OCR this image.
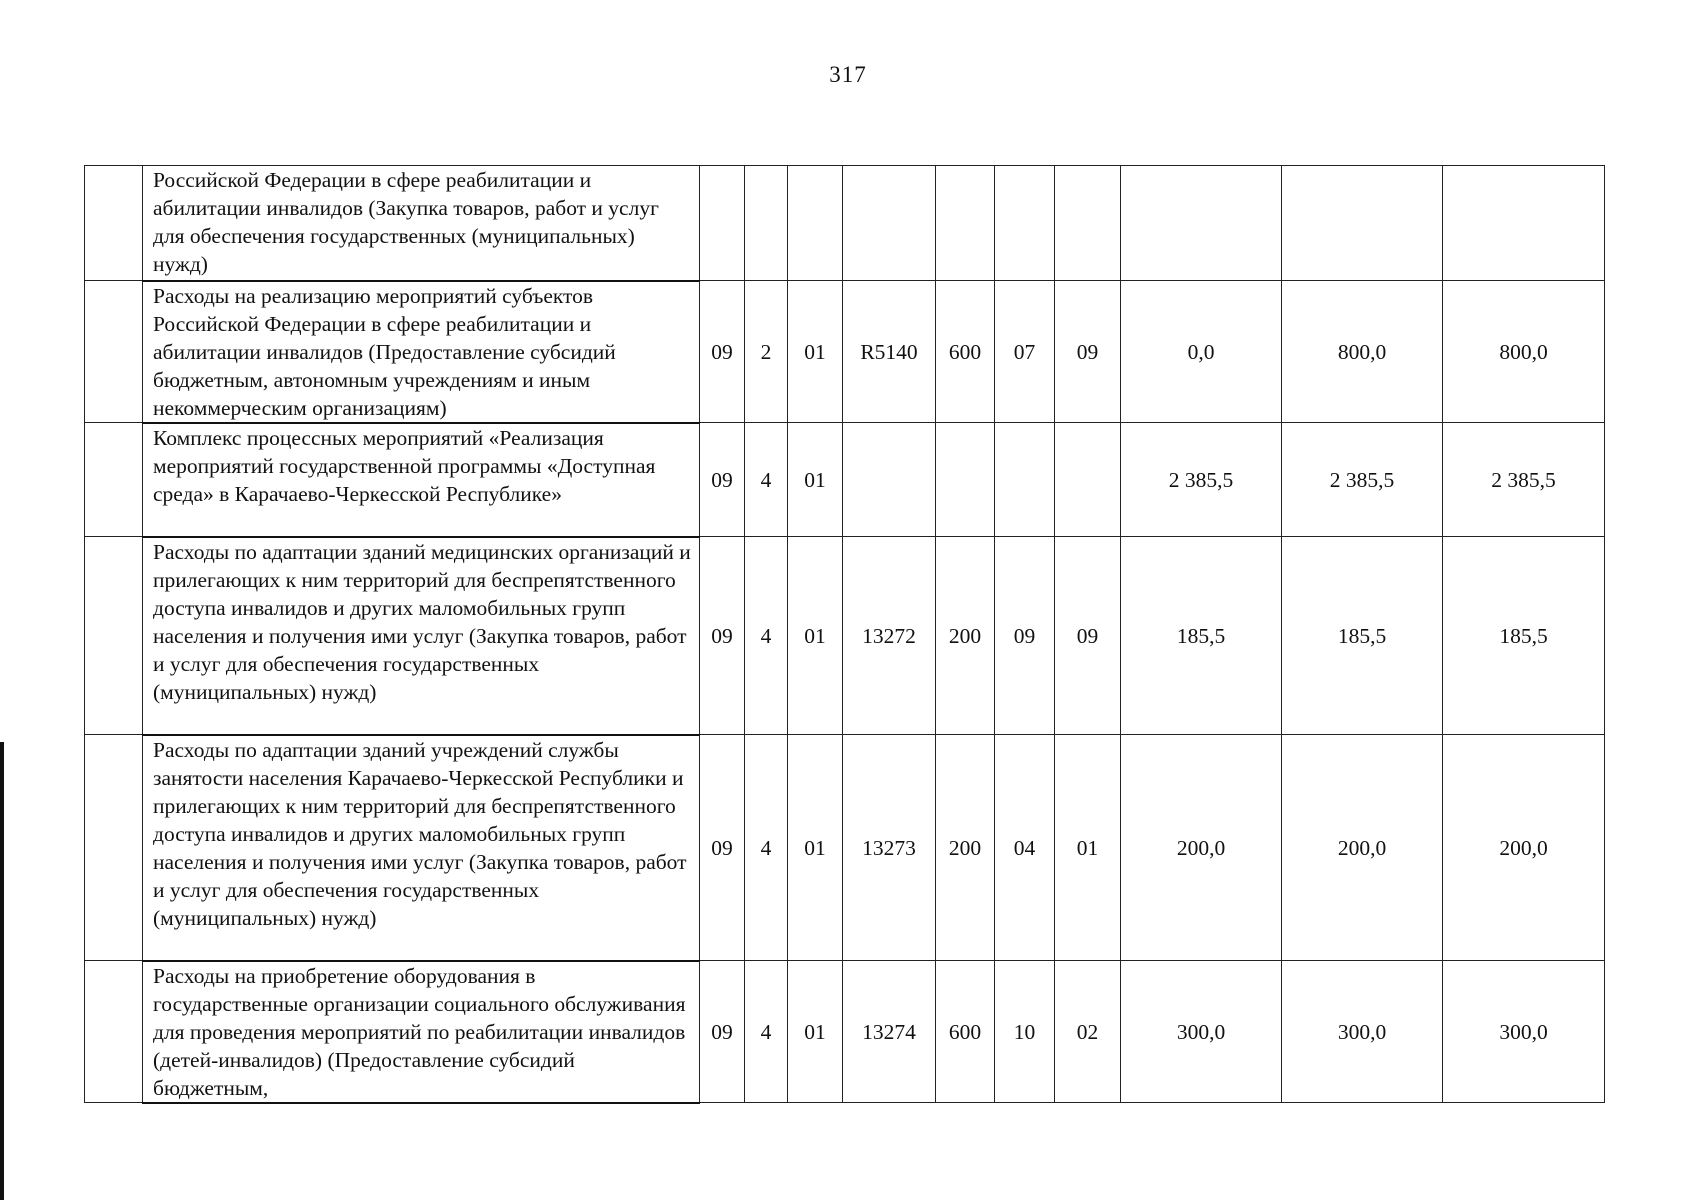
317
	Российской Федерации в сфере реабилитации и абилитации инвалидов (Закупка товаров, работ и услуг для обеспечения государственных (муниципальных) нужд)										
	Расходы на реализацию мероприятий субъектов Российской Федерации в сфере реабилитации и абилитации инвалидов (Предоставление субсидий бюджетным, автономным учреждениям и иным некоммерческим организациям)	09	2	01	R5140	600	07	09	0,0	800,0	800,0
	Комплекс процессных мероприятий «Реализация мероприятий государственной программы «Доступная среда» в Карачаево-Черкесской Республике»	09	4	01					2 385,5	2 385,5	2 385,5
	Расходы по адаптации зданий медицинских организаций и прилегающих к ним территорий для беспрепятственного доступа инвалидов и других маломобильных групп населения и получения ими услуг (Закупка товаров, работ и услуг для обеспечения государственных (муниципальных) нужд)	09	4	01	13272	200	09	09	185,5	185,5	185,5
	Расходы по адаптации зданий учреждений службы занятости населения Карачаево-Черкесской Республики и прилегающих к ним территорий для беспрепятственного доступа инвалидов и других маломобильных групп населения и получения ими услуг (Закупка товаров, работ и услуг для обеспечения государственных (муниципальных) нужд)	09	4	01	13273	200	04	01	200,0	200,0	200,0
	Расходы на приобретение оборудования в государственные организации социального обслуживания для проведения мероприятий по реабилитации инвалидов (детей-инвалидов) (Предоставление субсидий бюджетным,	09	4	01	13274	600	10	02	300,0	300,0	300,0
